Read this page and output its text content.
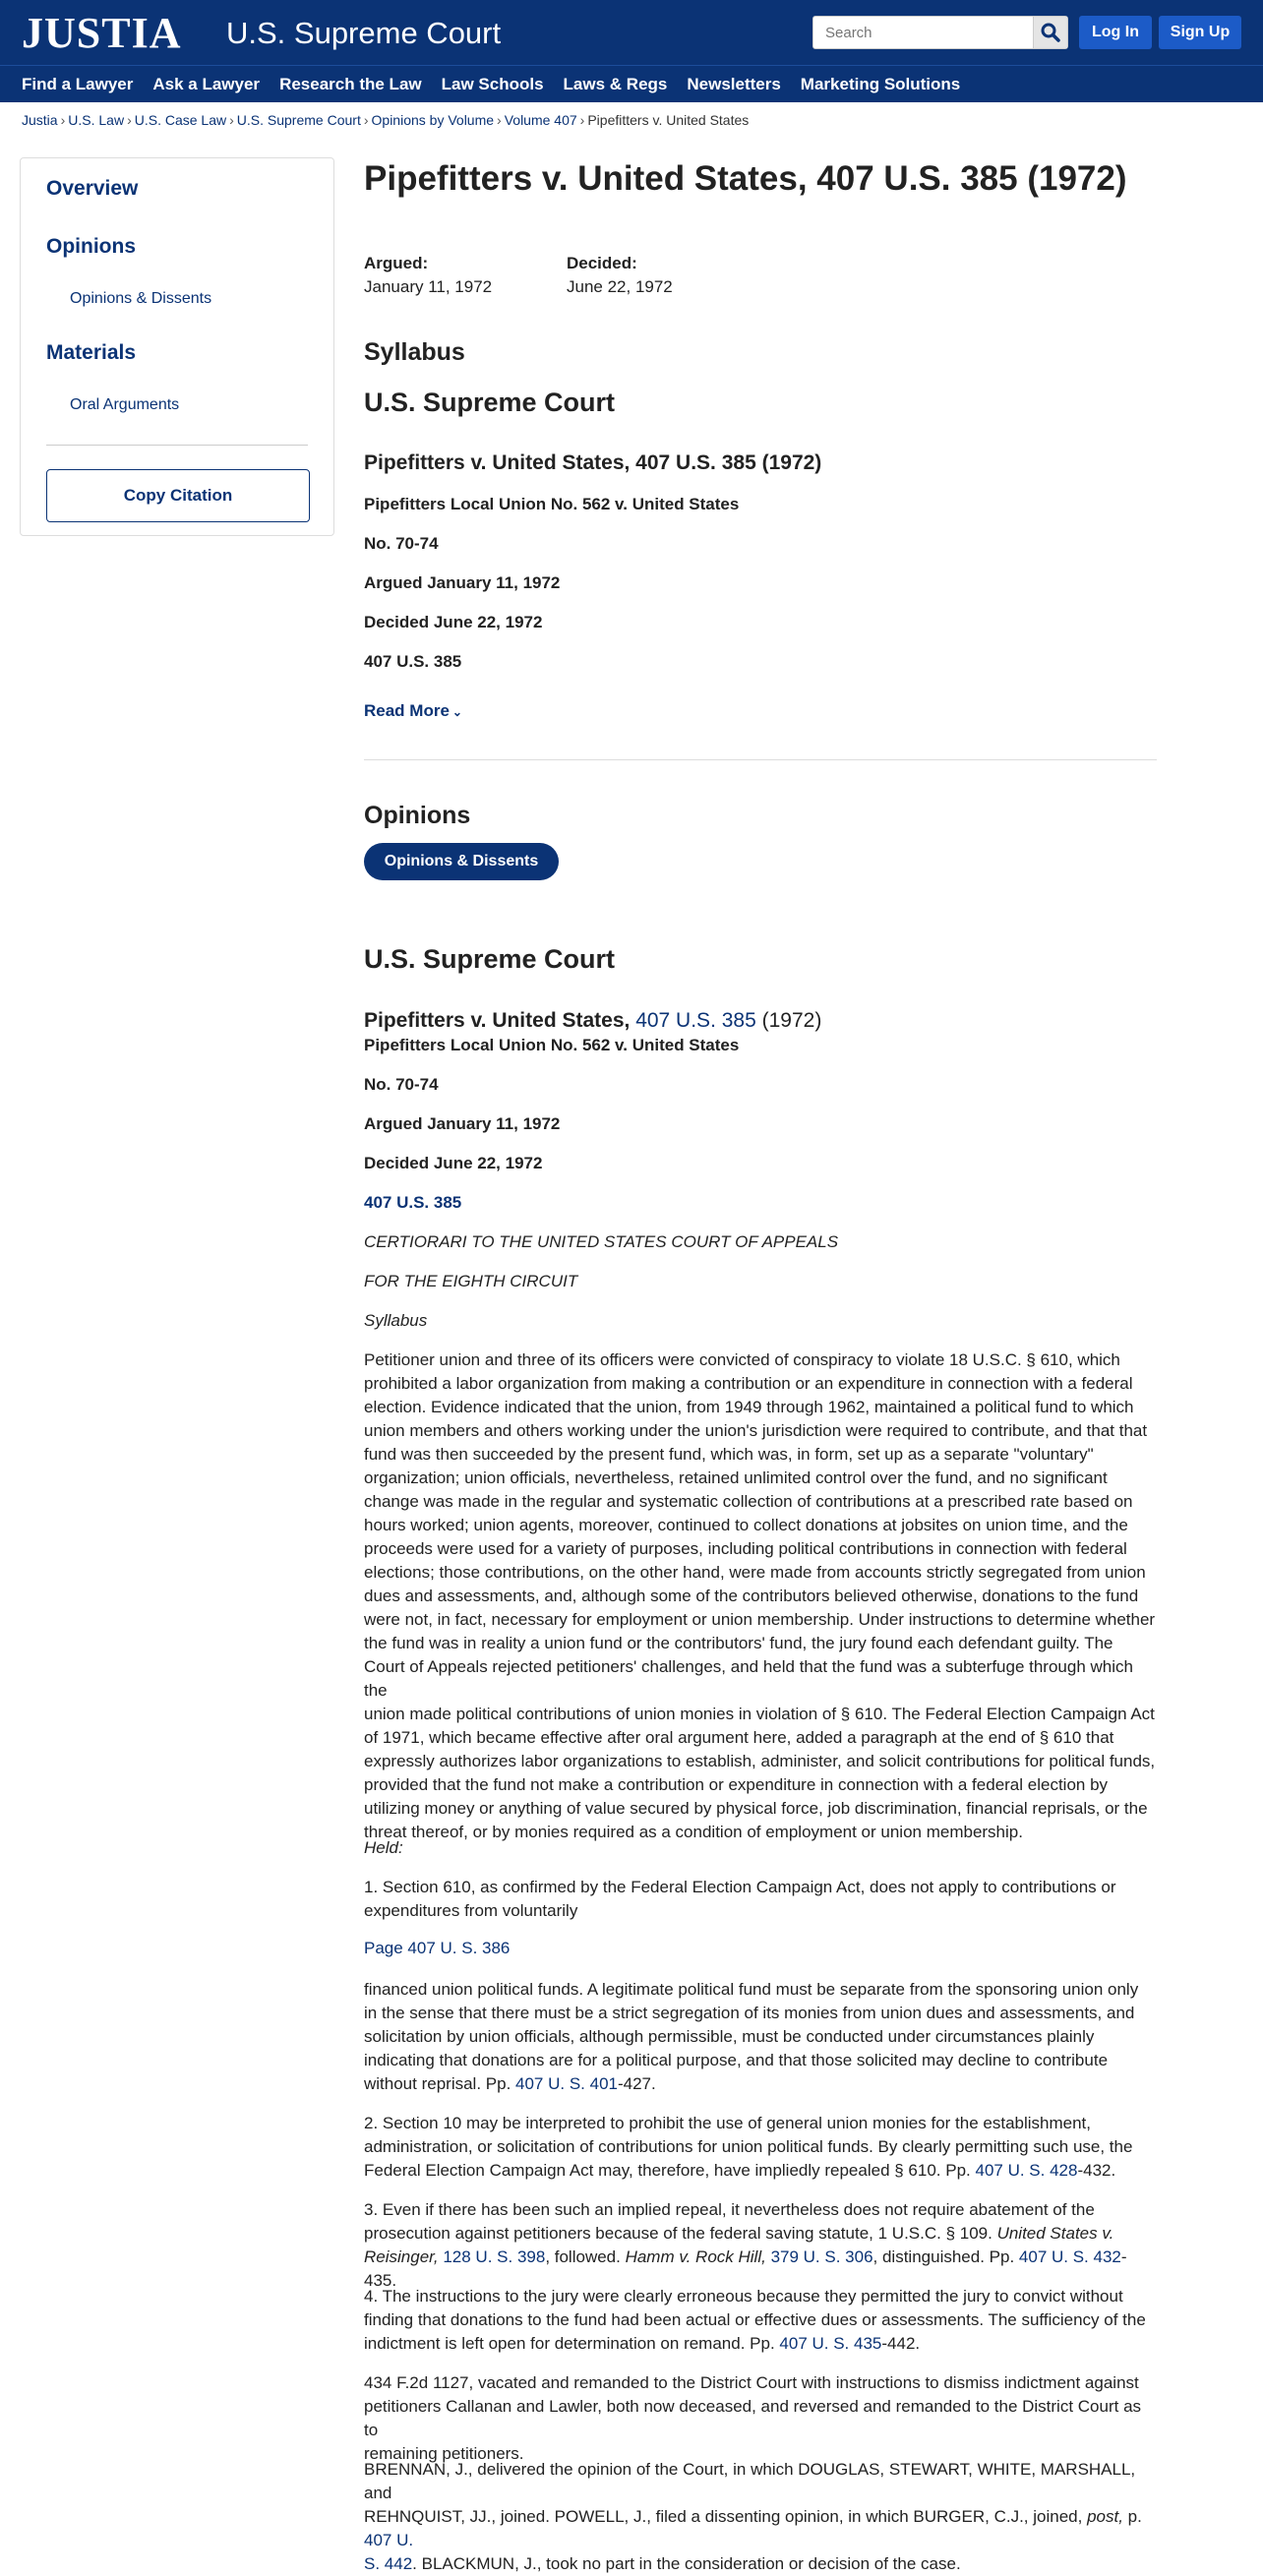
JUSTIA U.S. Supreme Court
Search	Log In	Sign Up
Find a Lawyer Ask a Lawyer Research the Law Law Schools Laws & Regs Newsletters Marketing Solutions
Justia › U.S. Law › U.S. Case Law › U.S. Supreme Court › Opinions by Volume › Volume 407 › Pipefitters v. United States
Overview
Opinions
Opinions & Dissents
Materials
Oral Arguments
Copy Citation
Pipefitters v. United States, 407 U.S. 385 (1972)
Argued:
January 11, 1972
Decided:
June 22, 1972
Syllabus
U.S. Supreme Court
Pipefitters v. United States, 407 U.S. 385 (1972)
Pipefitters Local Union No. 562 v. United States
No. 70-74
Argued January 11, 1972
Decided June 22, 1972
407 U.S. 385
Read More ⌄
Opinions
Opinions & Dissents
U.S. Supreme Court
Pipefitters v. United States, 407 U.S. 385 (1972)
Pipefitters Local Union No. 562 v. United States
No. 70-74
Argued January 11, 1972
Decided June 22, 1972
407 U.S. 385
CERTIORARI TO THE UNITED STATES COURT OF APPEALS
FOR THE EIGHTH CIRCUIT
Syllabus
Petitioner union and three of its officers were convicted of conspiracy to violate 18 U.S.C. § 610, which
prohibited a labor organization from making a contribution or an expenditure in connection with a federal
election. Evidence indicated that the union, from 1949 through 1962, maintained a political fund to which
union members and others working under the union's jurisdiction were required to contribute, and that that
fund was then succeeded by the present fund, which was, in form, set up as a separate "voluntary"
organization; union officials, nevertheless, retained unlimited control over the fund, and no significant
change was made in the regular and systematic collection of contributions at a prescribed rate based on
hours worked; union agents, moreover, continued to collect donations at jobsites on union time, and the
proceeds were used for a variety of purposes, including political contributions in connection with federal
elections; those contributions, on the other hand, were made from accounts strictly segregated from union
dues and assessments, and, although some of the contributors believed otherwise, donations to the fund
were not, in fact, necessary for employment or union membership. Under instructions to determine whether
the fund was in reality a union fund or the contributors' fund, the jury found each defendant guilty. The
Court of Appeals rejected petitioners' challenges, and held that the fund was a subterfuge through which the
union made political contributions of union monies in violation of § 610. The Federal Election Campaign Act
of 1971, which became effective after oral argument here, added a paragraph at the end of § 610 that
expressly authorizes labor organizations to establish, administer, and solicit contributions for political funds,
provided that the fund not make a contribution or expenditure in connection with a federal election by
utilizing money or anything of value secured by physical force, job discrimination, financial reprisals, or the
threat thereof, or by monies required as a condition of employment or union membership.
Held:
1. Section 610, as confirmed by the Federal Election Campaign Act, does not apply to contributions or
expenditures from voluntarily
Page 407 U. S. 386
financed union political funds. A legitimate political fund must be separate from the sponsoring union only
in the sense that there must be a strict segregation of its monies from union dues and assessments, and
solicitation by union officials, although permissible, must be conducted under circumstances plainly
indicating that donations are for a political purpose, and that those solicited may decline to contribute
without reprisal. Pp. 407 U. S. 401-427.
2. Section 10 may be interpreted to prohibit the use of general union monies for the establishment,
administration, or solicitation of contributions for union political funds. By clearly permitting such use, the
Federal Election Campaign Act may, therefore, have impliedly repealed § 610. Pp. 407 U. S. 428-432.
3. Even if there has been such an implied repeal, it nevertheless does not require abatement of the
prosecution against petitioners because of the federal saving statute, 1 U.S.C. § 109. United States v.
Reisinger, 128 U. S. 398, followed. Hamm v. Rock Hill, 379 U. S. 306, distinguished. Pp. 407 U. S. 432-435.
4. The instructions to the jury were clearly erroneous because they permitted the jury to convict without
finding that donations to the fund had been actual or effective dues or assessments. The sufficiency of the
indictment is left open for determination on remand. Pp. 407 U. S. 435-442.
434 F.2d 1127, vacated and remanded to the District Court with instructions to dismiss indictment against
petitioners Callanan and Lawler, both now deceased, and reversed and remanded to the District Court as to
remaining petitioners.
BRENNAN, J., delivered the opinion of the Court, in which DOUGLAS, STEWART, WHITE, MARSHALL, and
REHNQUIST, JJ., joined. POWELL, J., filed a dissenting opinion, in which BURGER, C.J., joined, post, p. 407 U.
S. 442. BLACKMUN, J., took no part in the consideration or decision of the case.
